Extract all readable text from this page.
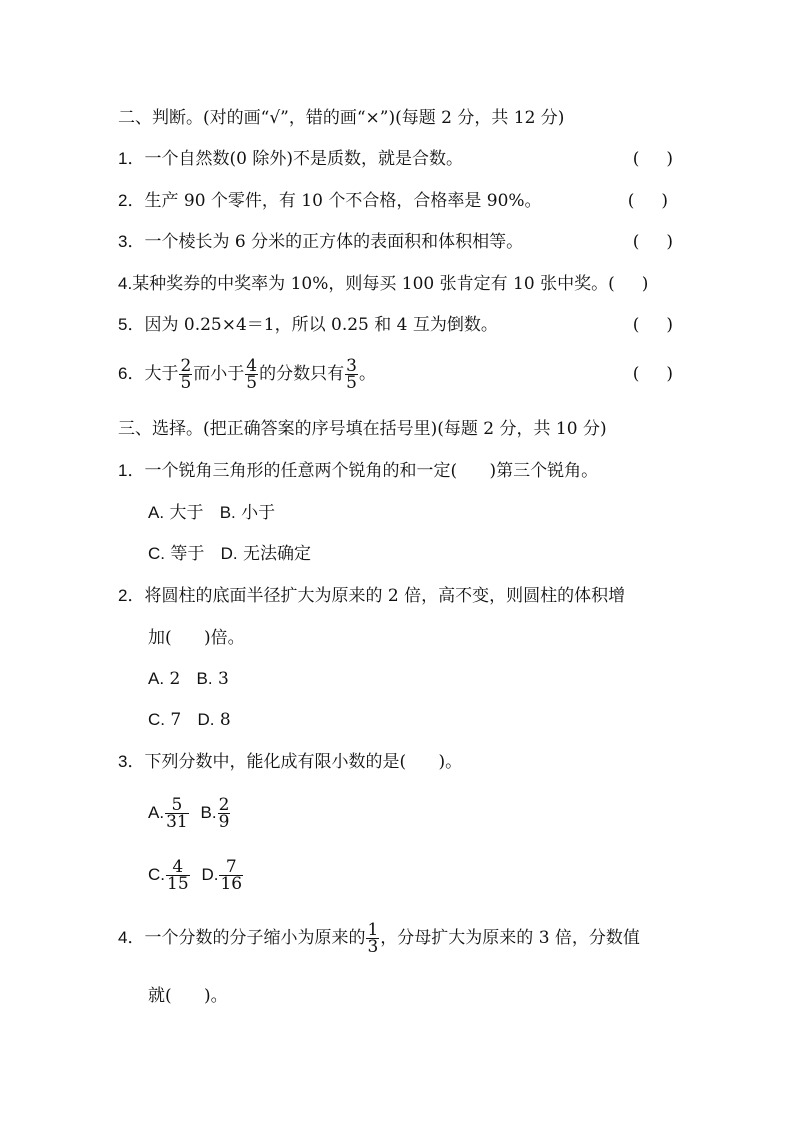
二、判断。(对的画“√”，错的画“×”)(每题 2 分，共 12 分)
1．一个自然数(0 除外)不是质数，就是合数。	(     )
2．生产 90 个零件，有 10 个不合格，合格率是 90%。	(     )
3．一个棱长为 6 分米的正方体的表面积和体积相等。	(     )
4.某种奖券的中奖率为 10%，则每买 100 张肯定有 10 张中奖。(     )
5．因为 0.25×4＝1，所以 0.25 和 4 互为倒数。	(     )
6．大于 $\frac{2}{5}$ 而小于 $\frac{4}{5}$ 的分数只有 $\frac{3}{5}$ 。	(     )
三、选择。(把正确答案的序号填在括号里)(每题 2 分，共 10 分)
1．一个锐角三角形的任意两个锐角的和一定(      )第三个锐角。
A. 大于 B. 小于
C. 等于 D. 无法确定
2．将圆柱的底面半径扩大为原来的 2 倍，高不变，则圆柱的体积增
加(      )倍。
A. 2 B. 3
C. 7 D. 8
3．下列分数中，能化成有限小数的是(      )。
A. $\frac{5}{31} B$. $\frac{2}{9}$
C. $\frac{4}{15} D$. $\frac{7}{16}$
4．一个分数的分子缩小为原来的 $\frac{1}{3}$ ，分母扩大为原来的 3 倍，分数值
就(      )。
